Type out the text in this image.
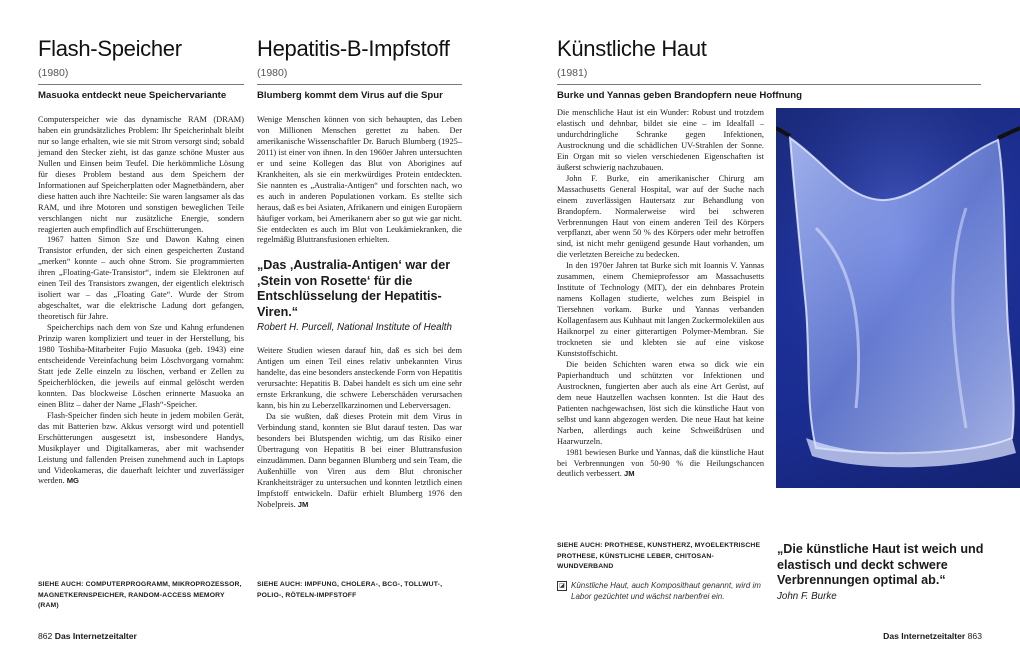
Flash-Speicher
(1980)
Masuoka entdeckt neue Speichervariante

Computerspeicher wie das dynamische RAM (DRAM) haben ein grundsätzliches Problem: Ihr Speicherinhalt bleibt nur so lange erhalten, wie sie mit Strom versorgt sind; sobald jemand den Stecker zieht, ist das ganze schöne Muster aus Nullen und Einsen beim Teufel. Die herkömmliche Lösung für dieses Problem bestand aus dem Speichern der Informationen auf Speicherplatten oder Magnetbändern, aber diese hatten auch ihre Nachteile: Sie waren langsamer als das RAM, und ihre Motoren und sonstigen beweglichen Teile verschlangen nicht nur zusätzliche Energie, sondern reagierten auch empfindlich auf Erschütterungen.

1967 hatten Simon Sze und Dawon Kahng einen Transistor erfunden, der sich einen gespeicherten Zustand „merken“ konnte – auch ohne Strom. Sie programmierten ihren „Floating-Gate-Transistor“, indem sie Elektronen auf einen Teil des Transistors zwangen, der eigentlich elektrisch isoliert war – das „Floating Gate“. Wurde der Strom abgeschaltet, war die elektrische Ladung dort gefangen, theoretisch für Jahre.

Speicherchips nach dem von Sze und Kahng erfundenen Prinzip waren kompliziert und teuer in der Herstellung, bis 1980 Toshiba-Mitarbeiter Fujio Masuoka (geb. 1943) eine entscheidende Vereinfachung beim Löschvorgang vornahm: Statt jede Zelle einzeln zu löschen, verband er Zellen zu Speicherblöcken, die jeweils auf einmal gelöscht werden konnten. Das blockweise Löschen erinnerte Masuoka an einen Blitz – daher der Name „Flash“-Speicher.

Flash-Speicher finden sich heute in jedem mobilen Gerät, das mit Batterien bzw. Akkus versorgt wird und potentiell Erschütterungen ausgesetzt ist, insbesondere Handys, Musikplayer und Digitalkameras, aber mit wachsender Leistung und fallenden Preisen zunehmend auch in Laptops und Videokameras, die dauerhaft leichter und zuverlässiger werden. MG

SIEHE AUCH: COMPUTERPROGRAMM, MIKROPROZESSOR, MAGNETKERNSPEICHER, RANDOM-ACCESS MEMORY (RAM)
Hepatitis-B-Impfstoff
(1980)
Blumberg kommt dem Virus auf die Spur

Wenige Menschen können von sich behaupten, das Leben von Millionen Menschen gerettet zu haben. Der amerikanische Wissenschaftler Dr. Baruch Blumberg (1925–2011) ist einer von ihnen. In den 1960er Jahren untersuchten er und seine Kollegen das Blut von Aborigines auf Krankheiten, als sie ein merkwürdiges Protein entdeckten. Sie nannten es „Australia-Antigen“ und forschten nach, wo es auch in anderen Populationen vorkam. Es stellte sich heraus, daß es bei Asiaten, Afrikanern und einigen Europäern häufiger vorkam, bei Amerikanern aber so gut wie gar nicht. Sie entdeckten es auch im Blut von Leukämiekranken, die regelmäßig Bluttransfusionen erhielten.

„Das ‚Australia-Antigen‘ war der ‚Stein von Rosette‘ für die Entschlüsselung der Hepatitis-Viren.“
Robert H. Purcell, National Institute of Health

Weitere Studien wiesen darauf hin, daß es sich bei dem Antigen um einen Teil eines relativ unbekannten Virus handelte, das eine besonders ansteckende Form von Hepatitis verursachte: Hepatitis B. Dabei handelt es sich um eine sehr ernste Erkrankung, die schwere Leberschäden verursachen kann, bis hin zu Leberzellkarzinomen und Leberversagen.

Da sie wußten, daß dieses Protein mit dem Virus in Verbindung stand, konnten sie Blut darauf testen. Das war besonders bei Blutspenden wichtig, um das Risiko einer Übertragung von Hepatitis B bei einer Bluttransfusion einzudämmen. Dann begannen Blumberg und sein Team, die Außenhülle von Viren aus dem Blut chronischer Krankheitsträger zu untersuchen und konnten letztlich einen Impfstoff entwickeln. Dafür erhielt Blumberg 1976 den Nobelpreis. JM

SIEHE AUCH: IMPFUNG, CHOLERA-, BCG-, TOLLWUT-, POLIO-, RÖTELN-IMPFSTOFF
862 Das Internetzeitalter
Künstliche Haut
(1981)
Burke und Yannas geben Brandopfern neue Hoffnung

Die menschliche Haut ist ein Wunder: Robust und trotzdem elastisch und dehnbar, bildet sie eine – im Idealfall – undurchdringliche Schranke gegen Infektionen, Austrocknung und die schädlichen UV-Strahlen der Sonne. Ein Organ mit so vielen verschiedenen Eigenschaften ist äußerst schwierig nachzubauen.

John F. Burke, ein amerikanischer Chirurg am Massachusetts General Hospital, war auf der Suche nach einem zuverlässigen Hautersatz zur Behandlung von Brandopfern. Normalerweise wird bei schweren Verbrennungen Haut von einem anderen Teil des Körpers verpflanzt, aber wenn 50 % des Körpers oder mehr betroffen sind, ist nicht mehr genügend gesunde Haut vorhanden, um die verletzten Bereiche zu bedecken.

In den 1970er Jahren tat Burke sich mit Ioannis V. Yannas zusammen, einem Chemieprofessor am Massachusetts Institute of Technology (MIT), der ein dehnbares Protein namens Kollagen studierte, welches zum Beispiel in Tiersehnen vorkam. Burke und Yannas verbanden Kollagenfasern aus Kuhhaut mit langen Zuckermolekülen aus Haiknorpel zu einer gitterartigen Polymer-Membran. Sie trockneten sie und klebten sie auf eine viskose Kunststoffschicht.

Die beiden Schichten waren etwa so dick wie ein Papierhandtuch und schützten vor Infektionen und Austrocknen, fungierten aber auch als eine Art Gerüst, auf dem neue Hautzellen wachsen konnten. Ist die Haut des Patienten nachgewachsen, löst sich die künstliche Haut von selbst und kann abgezogen werden. Die neue Haut hat keine Narben, allerdings auch keine Schweißdrüsen und Haarwurzeln.

1981 bewiesen Burke und Yannas, daß die künstliche Haut bei Verbrennungen von 50-90 % die Heilungschancen deutlich verbessert. JM

SIEHE AUCH: PROTHESE, KUNSTHERZ, MYOELEKTRISCHE PROTHESE, KÜNSTLICHE LEBER, CHITOSAN-WUNDVERBAND
◪ Künstliche Haut, auch Komposithaut genannt, wird im Labor gezüchtet und wächst narbenfrei ein.
„Die künstliche Haut ist weich und elastisch und deckt schwere Verbrennungen optimal ab.“
John F. Burke
Das Internetzeitalter 863
